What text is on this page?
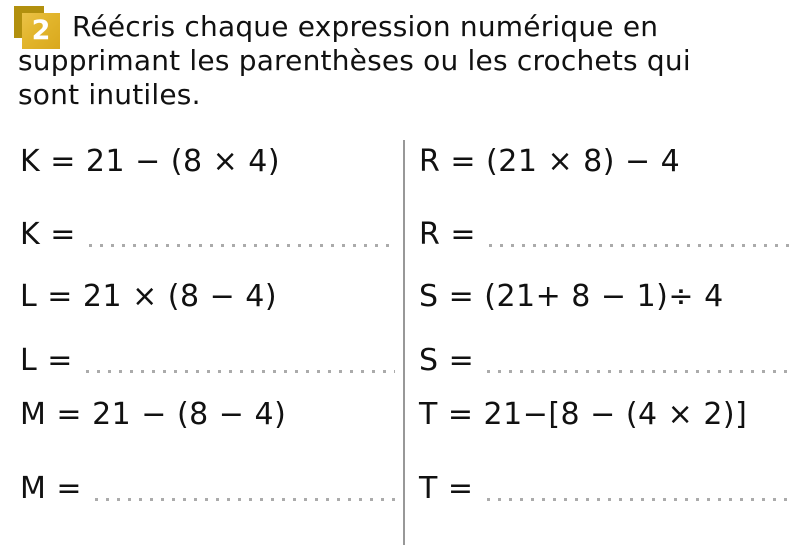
2 Réécris chaque expression numérique en
supprimant les parenthèses ou les crochets qui
sont inutiles.
K = 21 − (8 × 4)
K =
L = 21 × (8 − 4)
L =
M = 21 − (8 − 4)
M =
R = (21 × 8) − 4
R =
S = (21+ 8 − 1)÷ 4
S =
T = 21−[8 − (4 × 2)]
T =
